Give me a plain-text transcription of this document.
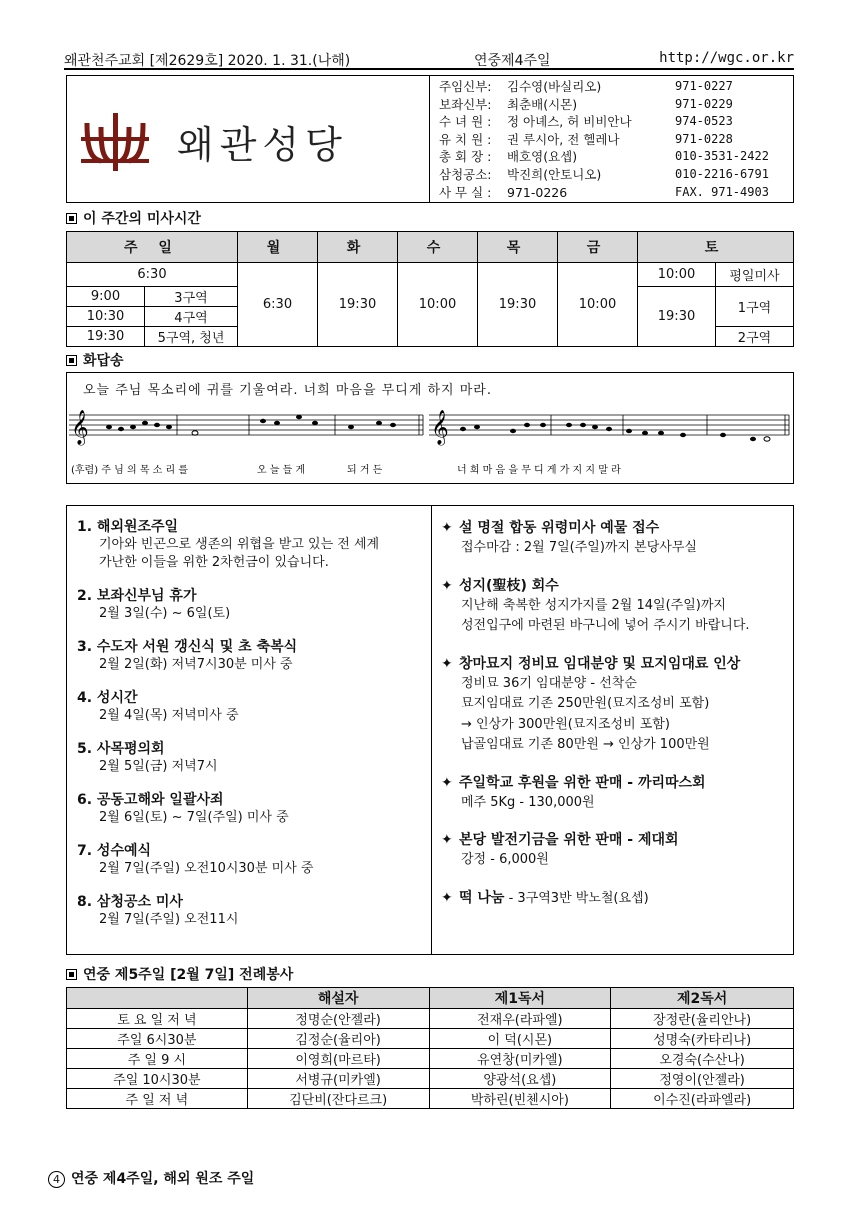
왜관천주교회 [제2629호] 2020. 1. 31.(나해)	연중제4주일	http://wgc.or.kr
왜관성당
주임신부:	김수영(바실리오)	971-0227
보좌신부:	최춘배(시몬)	971-0229
수 녀 원 :	정 아녜스, 허 비비안나	974-0523
유 치 원 :	권 루시아, 전 헬레나	971-0228
총 회 장 :	배호영(요셉)	010-3531-2422
삼청공소:	박진희(안토니오)	010-2216-6791
사 무 실 :	971-0226	FAX. 971-4903
이 주간의 미사시간
주 일		월	화	수	목	금	토	
6:30		6:30	19:30	10:00	19:30	10:00	10:00	평일미사
9:00	3구역						19:30	1구역
10:30	4구역							
19:30	5구역, 청년							2구역
화답송
오늘 주님 목소리에 귀를 기울여라. 너희 마음을 무디게 하지 마라.
𝄞	𝄞
(후렴) 주 님 의 목 소 리 를	오 늘 들 게	되 거 든	너 희 마 음 을 무 디 게 가 지 지 말 라
1. 해외원조주일
기아와 빈곤으로 생존의 위협을 받고 있는 전 세계
가난한 이들을 위한 2차헌금이 있습니다.
2. 보좌신부님 휴가
2월 3일(수) ~ 6일(토)
3. 수도자 서원 갱신식 및 초 축복식
2월 2일(화) 저녁7시30분 미사 중
4. 성시간
2월 4일(목) 저녁미사 중
5. 사목평의회
2월 5일(금) 저녁7시
6. 공동고해와 일괄사죄
2월 6일(토) ~ 7일(주일) 미사 중
7. 성수예식
2월 7일(주일) 오전10시30분 미사 중
8. 삼청공소 미사
2월 7일(주일) 오전11시
✦ 설 명절 합동 위령미사 예물 접수
접수마감 : 2월 7일(주일)까지 본당사무실
✦ 성지(聖枝) 회수
지난해 축복한 성지가지를 2월 14일(주일)까지
성전입구에 마련된 바구니에 넣어 주시기 바랍니다.
✦ 창마묘지 정비묘 임대분양 및 묘지임대료 인상
정비묘 36기 임대분양 - 선착순
묘지임대료 기존 250만원(묘지조성비 포함)
→ 인상가 300만원(묘지조성비 포함)
납골임대료 기존 80만원 → 인상가 100만원
✦ 주일학교 후원을 위한 판매 - 까리따스회
메주 5Kg - 130,000원
✦ 본당 발전기금을 위한 판매 - 제대회
강정 - 6,000원
✦ 떡 나눔 - 3구역3반 박노철(요셉)
연중 제5주일 [2월 7일] 전례봉사
	해설자	제1독서	제2독서
토 요 일 저 녁	정명순(안젤라)	전재우(라파엘)	장정란(율리안나)
주일 6시30분	김정순(율리아)	이 덕(시몬)	성명숙(카타리나)
주 일 9 시	이영희(마르타)	유연창(미카엘)	오경숙(수산나)
주일 10시30분	서병규(미카엘)	양광석(요셉)	정영이(안젤라)
주 일 저 녁	김단비(잔다르크)	박하린(빈첸시아)	이수진(라파엘라)
4 연중 제4주일, 해외 원조 주일
